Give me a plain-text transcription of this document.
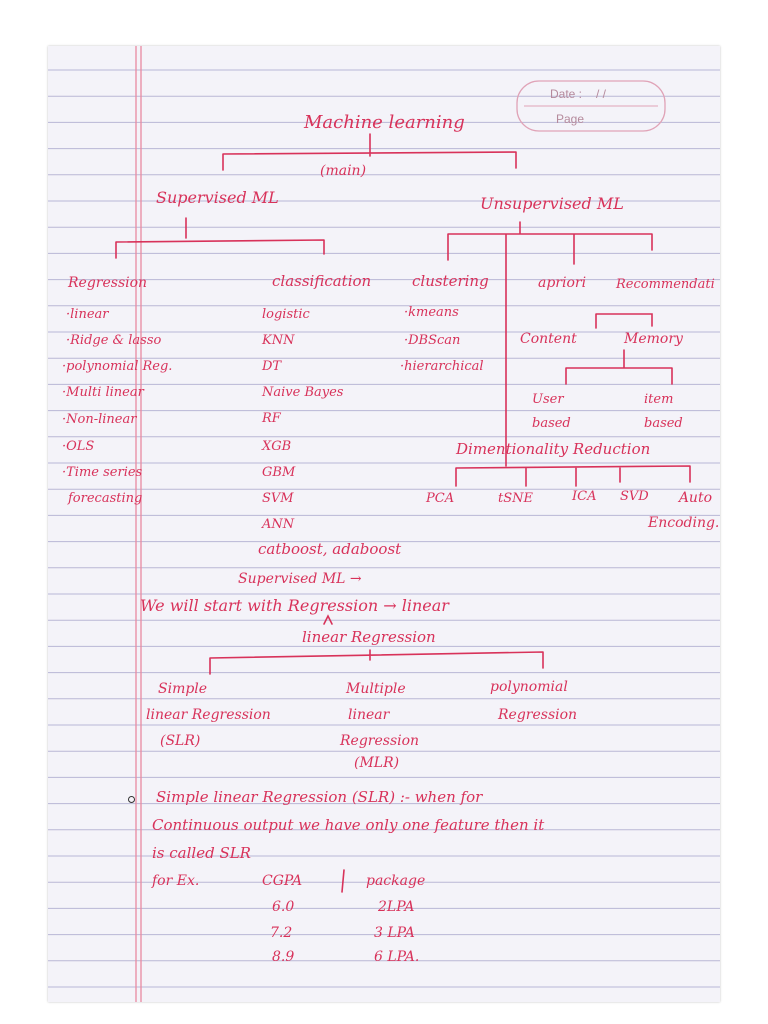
Date : / /
Page
Machine learning
(main)
Supervised ML	Unsupervised ML
Regression
·linear
·Ridge & lasso
·polynomial Reg.
·Multi linear
·Non-linear
·OLS
·Time series
forecasting
classification
logistic
KNN
DT
Naive Bayes
RF
XGB
GBM
SVM
ANN
catboost, adaboost
clustering
·kmeans
·DBScan
·hierarchical
apriori Recommendati
Content	Memory
User based
item based
Dimentionality Reduction
PCA	tSNE	ICA SVD	Auto Encoding.
Supervised ML →
We will start with Regression → linear
linear Regression
Simple
linear Regression
(SLR)
Multiple
linear
Regression
(MLR)
polynomial
Regression
Simple linear Regression (SLR) :- when for
Continuous output we have only one feature then it
is called SLR
for Ex.	CGPA	package
6.0	2LPA
7.2	3 LPA
8.9	6 LPA.
